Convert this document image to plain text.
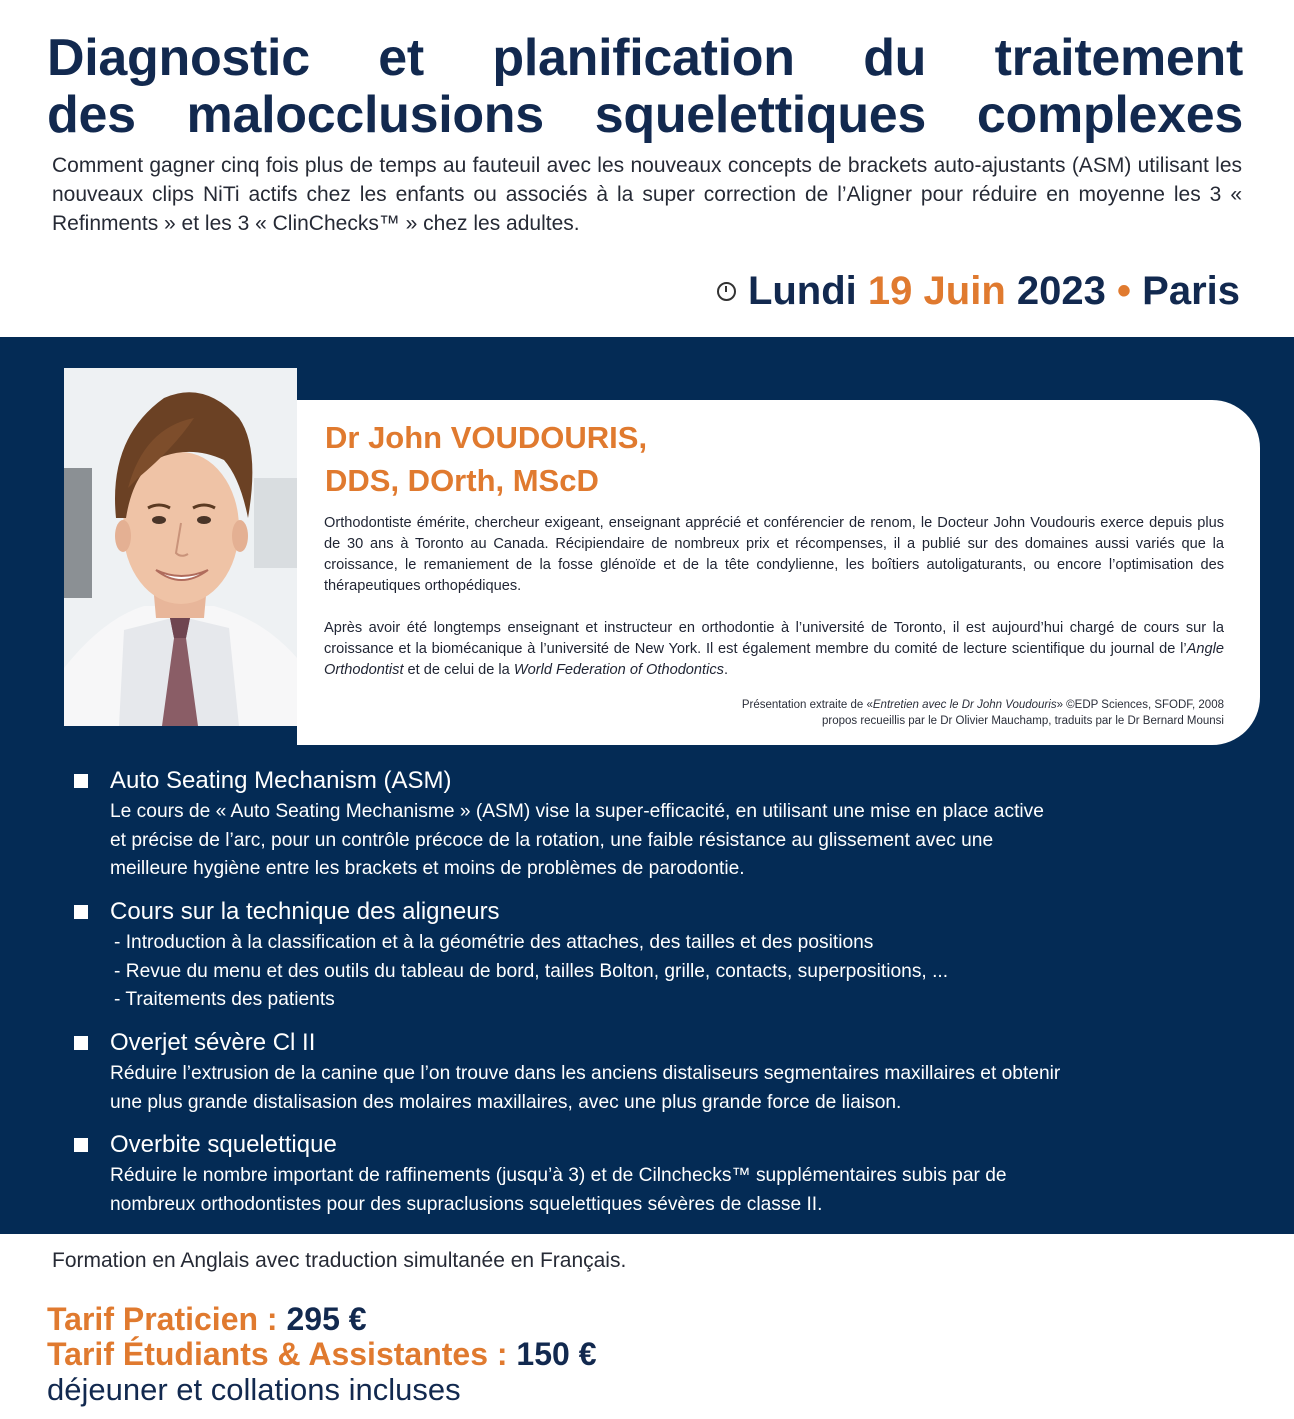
Diagnostic et planification du traitement
des malocclusions squelettiques complexes

Comment gagner cinq fois plus de temps au fauteuil avec les nouveaux concepts de brackets auto-ajustants (ASM) utilisant les nouveaux clips NiTi actifs chez les enfants ou associés à la super correction de l’Aligner pour réduire en moyenne les 3 « Refinments » et les 3 « ClinChecks™ » chez les adultes.

Lundi 19 Juin 2023 • Paris
Dr John VOUDOURIS,
DDS, DOrth, MScD

Orthodontiste émérite, chercheur exigeant, enseignant apprécié et conférencier de renom, le Docteur John Voudouris exerce depuis plus de 30 ans à Toronto au Canada. Récipiendaire de nombreux prix et récompenses, il a publié sur des domaines aussi variés que la croissance, le remaniement de la fosse glénoïde et de la tête condylienne, les boîtiers autoligaturants, ou encore l’optimisation des thérapeutiques orthopédiques.

Après avoir été longtemps enseignant et instructeur en orthodontie à l’université de Toronto, il est aujourd’hui chargé de cours sur la croissance et la biomécanique à l’université de New York. Il est également membre du comité de lecture scientifique du journal de l’Angle Orthodontist et de celui de la World Federation of Othodontics.

Présentation extraite de «Entretien avec le Dr John Voudouris» ©EDP Sciences, SFODF, 2008
propos recueillis par le Dr Olivier Mauchamp, traduits par le Dr Bernard Mounsi
Auto Seating Mechanism (ASM)
Le cours de « Auto Seating Mechanisme » (ASM) vise la super-efficacité, en utilisant une mise en place active
et précise de l’arc, pour un contrôle précoce de la rotation, une faible résistance au glissement avec une
meilleure hygiène entre les brackets et moins de problèmes de parodontie.
Cours sur la technique des aligneurs
- Introduction à la classification et à la géométrie des attaches, des tailles et des positions
- Revue du menu et des outils du tableau de bord, tailles Bolton, grille, contacts, superpositions, ...
- Traitements des patients
Overjet sévère Cl II
Réduire l’extrusion de la canine que l’on trouve dans les anciens distaliseurs segmentaires maxillaires et obtenir
une plus grande distalisasion des molaires maxillaires, avec une plus grande force de liaison.
Overbite squelettique
Réduire le nombre important de raffinements (jusqu’à 3) et de Cilnchecks™ supplémentaires subis par de
nombreux orthodontistes pour des supraclusions squelettiques sévères de classe II.
Formation en Anglais avec traduction simultanée en Français.
Tarif Praticien : 295 €
Tarif Étudiants & Assistantes : 150 €
déjeuner et collations incluses
